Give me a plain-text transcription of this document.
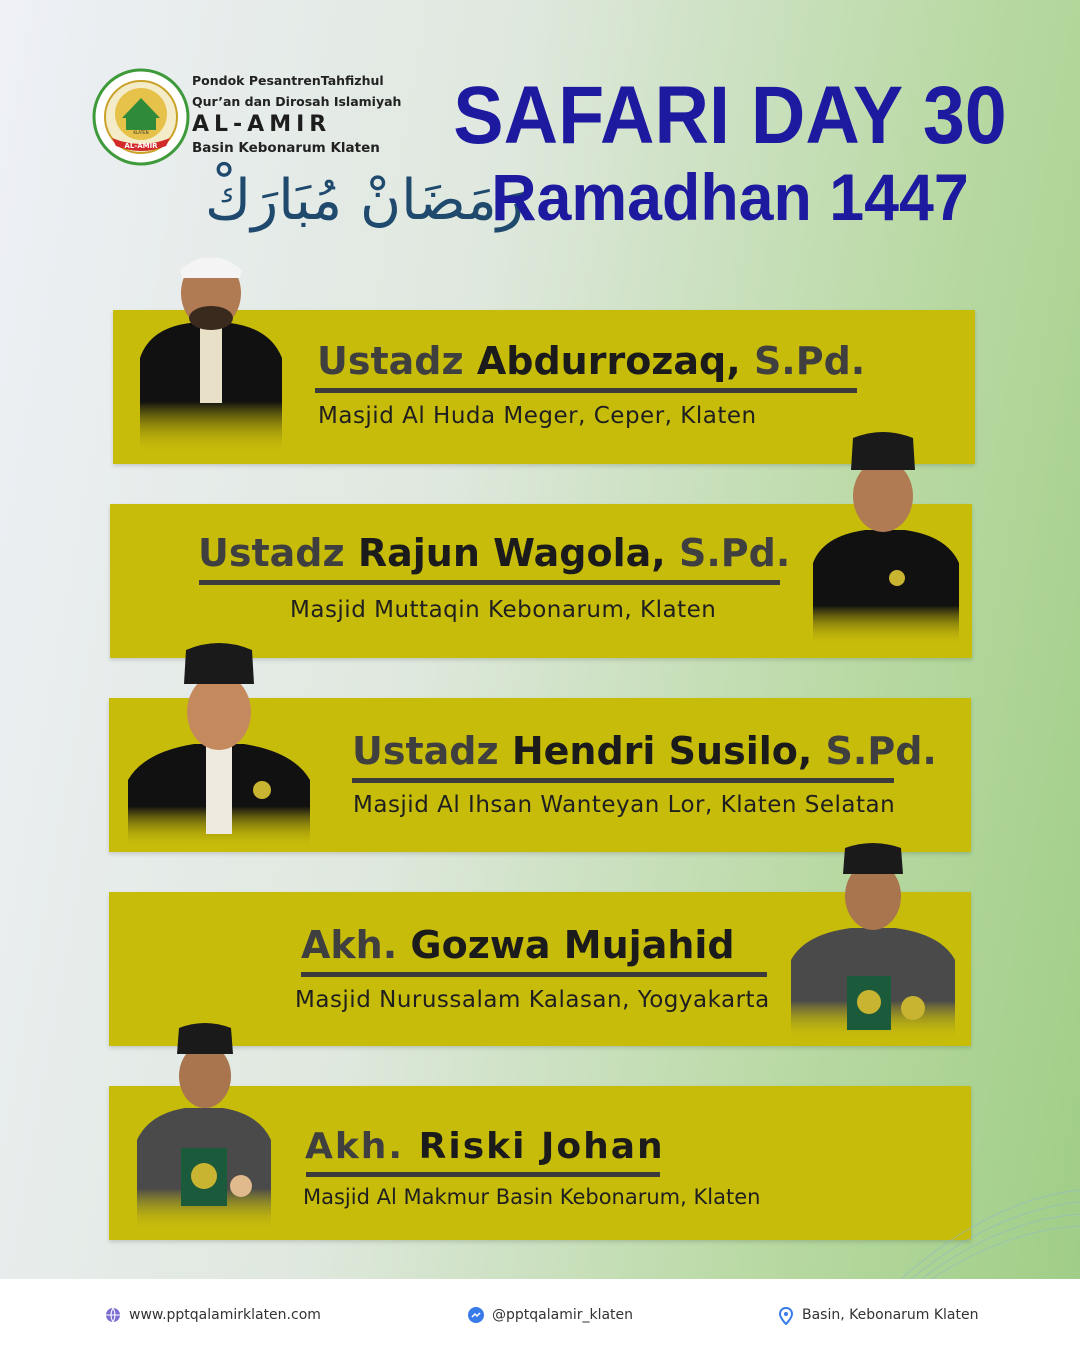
AL-AMIR
KLATEN
Pondok PesantrenTahfizhul
Qur’an dan Dirosah Islamiyah
AL-AMIR
Basin Kebonarum Klaten
رَمَضَانْ مُبَارَكْ
SAFARI DAY 30
Ramadhan 1447
Ustadz Abdurrozaq, S.Pd.
Masjid Al Huda Meger, Ceper, Klaten
Ustadz Rajun Wagola, S.Pd.
Masjid Muttaqin Kebonarum, Klaten
Ustadz Hendri Susilo, S.Pd.
Masjid Al Ihsan Wanteyan Lor, Klaten Selatan
Akh. Gozwa Mujahid
Masjid Nurussalam Kalasan, Yogyakarta
Akh. Riski Johan
Masjid Al Makmur Basin Kebonarum, Klaten
www.pptqalamirklaten.com	@pptqalamir_klaten	Basin, Kebonarum Klaten
